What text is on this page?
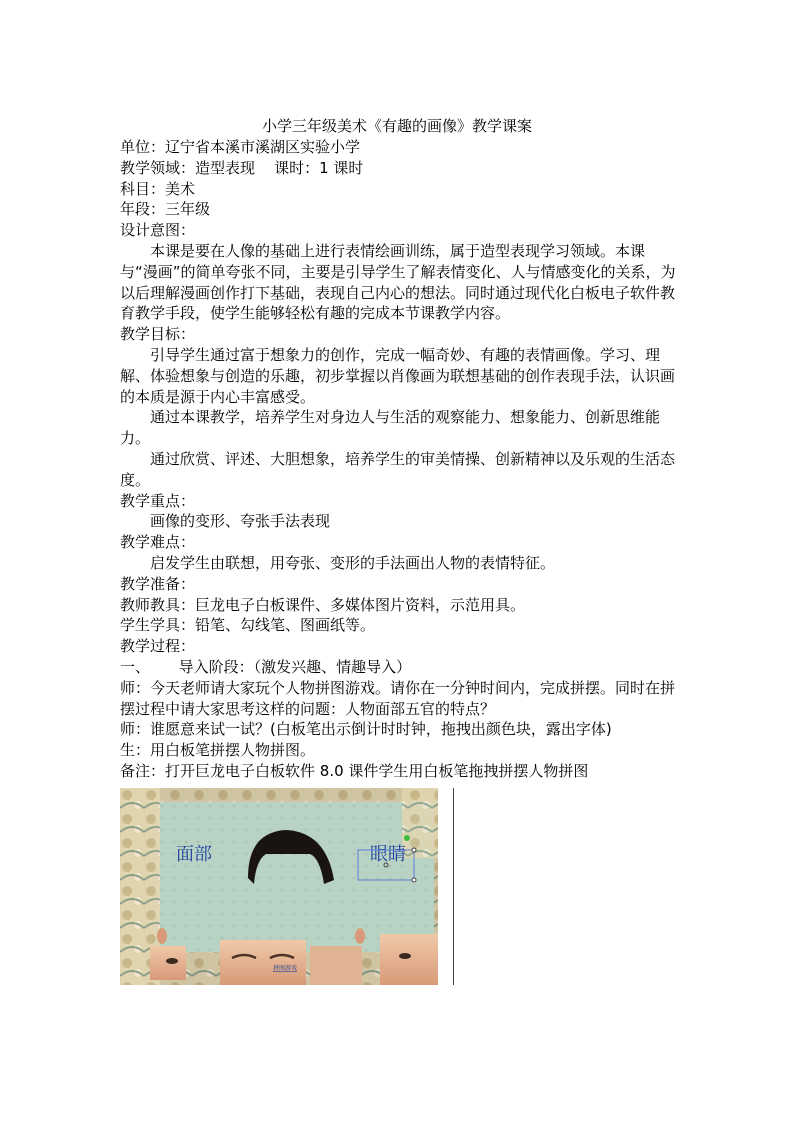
小学三年级美术《有趣的画像》教学课案

单位：辽宁省本溪市溪湖区实验小学

教学领域：造型表现    课时：1 课时

科目：美术

年段：三年级

设计意图：

本课是要在人像的基础上进行表情绘画训练，属于造型表现学习领域。本课与“漫画”的简单夸张不同，主要是引导学生了解表情变化、人与情感变化的关系，为以后理解漫画创作打下基础，表现自己内心的想法。同时通过现代化白板电子软件教育教学手段，使学生能够轻松有趣的完成本节课教学内容。

教学目标：

引导学生通过富于想象力的创作，完成一幅奇妙、有趣的表情画像。学习、理解、体验想象与创造的乐趣，初步掌握以肖像画为联想基础的创作表现手法，认识画的本质是源于内心丰富感受。

通过本课教学，培养学生对身边人与生活的观察能力、想象能力、创新思维能力。

通过欣赏、评述、大胆想象，培养学生的审美情操、创新精神以及乐观的生活态度。

教学重点：

画像的变形、夸张手法表现

教学难点：

启发学生由联想，用夸张、变形的手法画出人物的表情特征。

教学准备：

教师教具：巨龙电子白板课件、多媒体图片资料，示范用具。

学生学具：铅笔、勾线笔、图画纸等。

教学过程：

一、      导入阶段：（激发兴趣、情趣导入）

师：今天老师请大家玩个人物拼图游戏。请你在一分钟时间内，完成拼摆。同时在拼摆过程中请大家思考这样的问题：人物面部五官的特点？

师：谁愿意来试一试？(白板笔出示倒计时时钟，拖拽出颜色块，露出字体)

生：用白板笔拼摆人物拼图。

备注：打开巨龙电子白板软件 8.0 课件学生用白板笔拖拽拼摆人物拼图

面部	眼睛
拼图游戏
